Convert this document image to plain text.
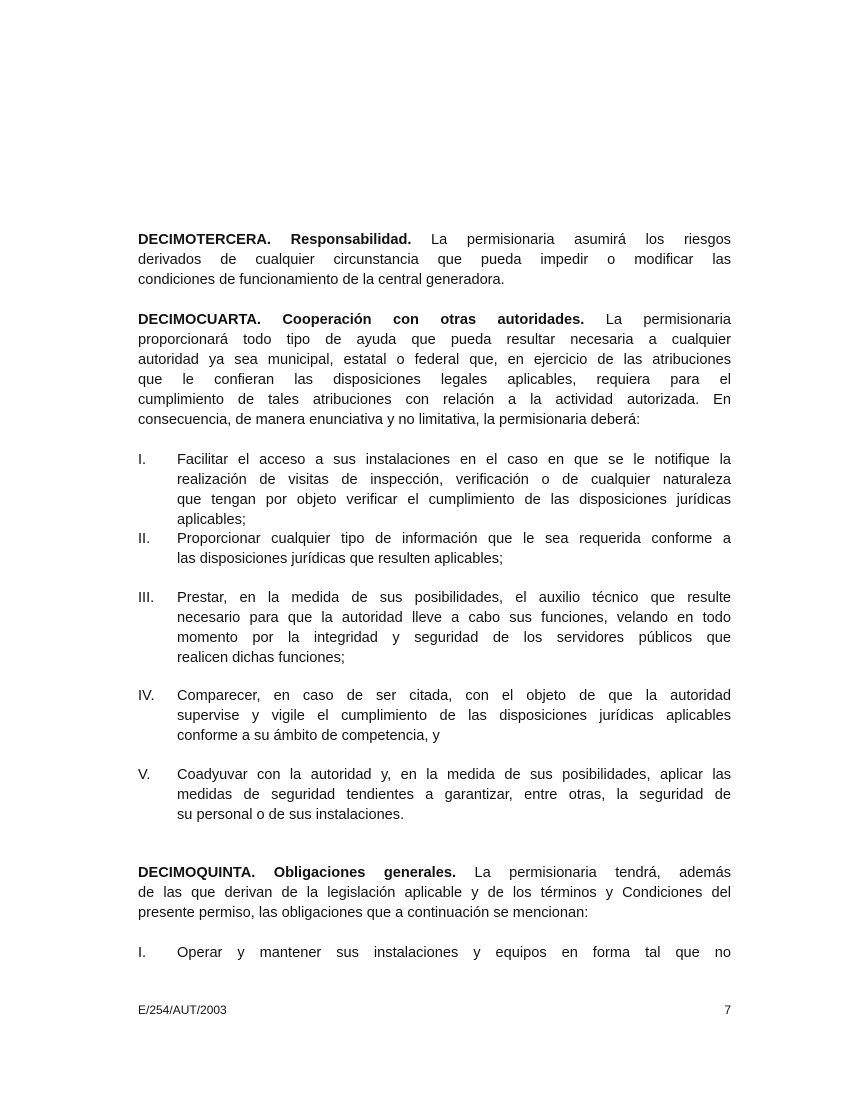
DECIMOTERCERA. Responsabilidad. La permisionaria asumirá los riesgos
derivados de cualquier circunstancia que pueda impedir o modificar las
condiciones de funcionamiento de la central generadora.
DECIMOCUARTA. Cooperación con otras autoridades. La permisionaria
proporcionará todo tipo de ayuda que pueda resultar necesaria a cualquier
autoridad ya sea municipal, estatal o federal que, en ejercicio de las atribuciones
que le confieran las disposiciones legales aplicables, requiera para el
cumplimiento de tales atribuciones con relación a la actividad autorizada. En
consecuencia, de manera enunciativa y no limitativa, la permisionaria deberá:
I. Facilitar el acceso a sus instalaciones en el caso en que se le notifique la
realización de visitas de inspección, verificación o de cualquier naturaleza
que tengan por objeto verificar el cumplimiento de las disposiciones jurídicas
aplicables;
II. Proporcionar cualquier tipo de información que le sea requerida conforme a
las disposiciones jurídicas que resulten aplicables;
III. Prestar, en la medida de sus posibilidades, el auxilio técnico que resulte
necesario para que la autoridad lleve a cabo sus funciones, velando en todo
momento por la integridad y seguridad de los servidores públicos que
realicen dichas funciones;
IV. Comparecer, en caso de ser citada, con el objeto de que la autoridad
supervise y vigile el cumplimiento de las disposiciones jurídicas aplicables
conforme a su ámbito de competencia, y
V. Coadyuvar con la autoridad y, en la medida de sus posibilidades, aplicar las
medidas de seguridad tendientes a garantizar, entre otras, la seguridad de
su personal o de sus instalaciones.
DECIMOQUINTA. Obligaciones generales. La permisionaria tendrá, además
de las que derivan de la legislación aplicable y de los términos y Condiciones del
presente permiso, las obligaciones que a continuación se mencionan:
I. Operar y mantener sus instalaciones y equipos en forma tal que no
E/254/AUT/2003	7
